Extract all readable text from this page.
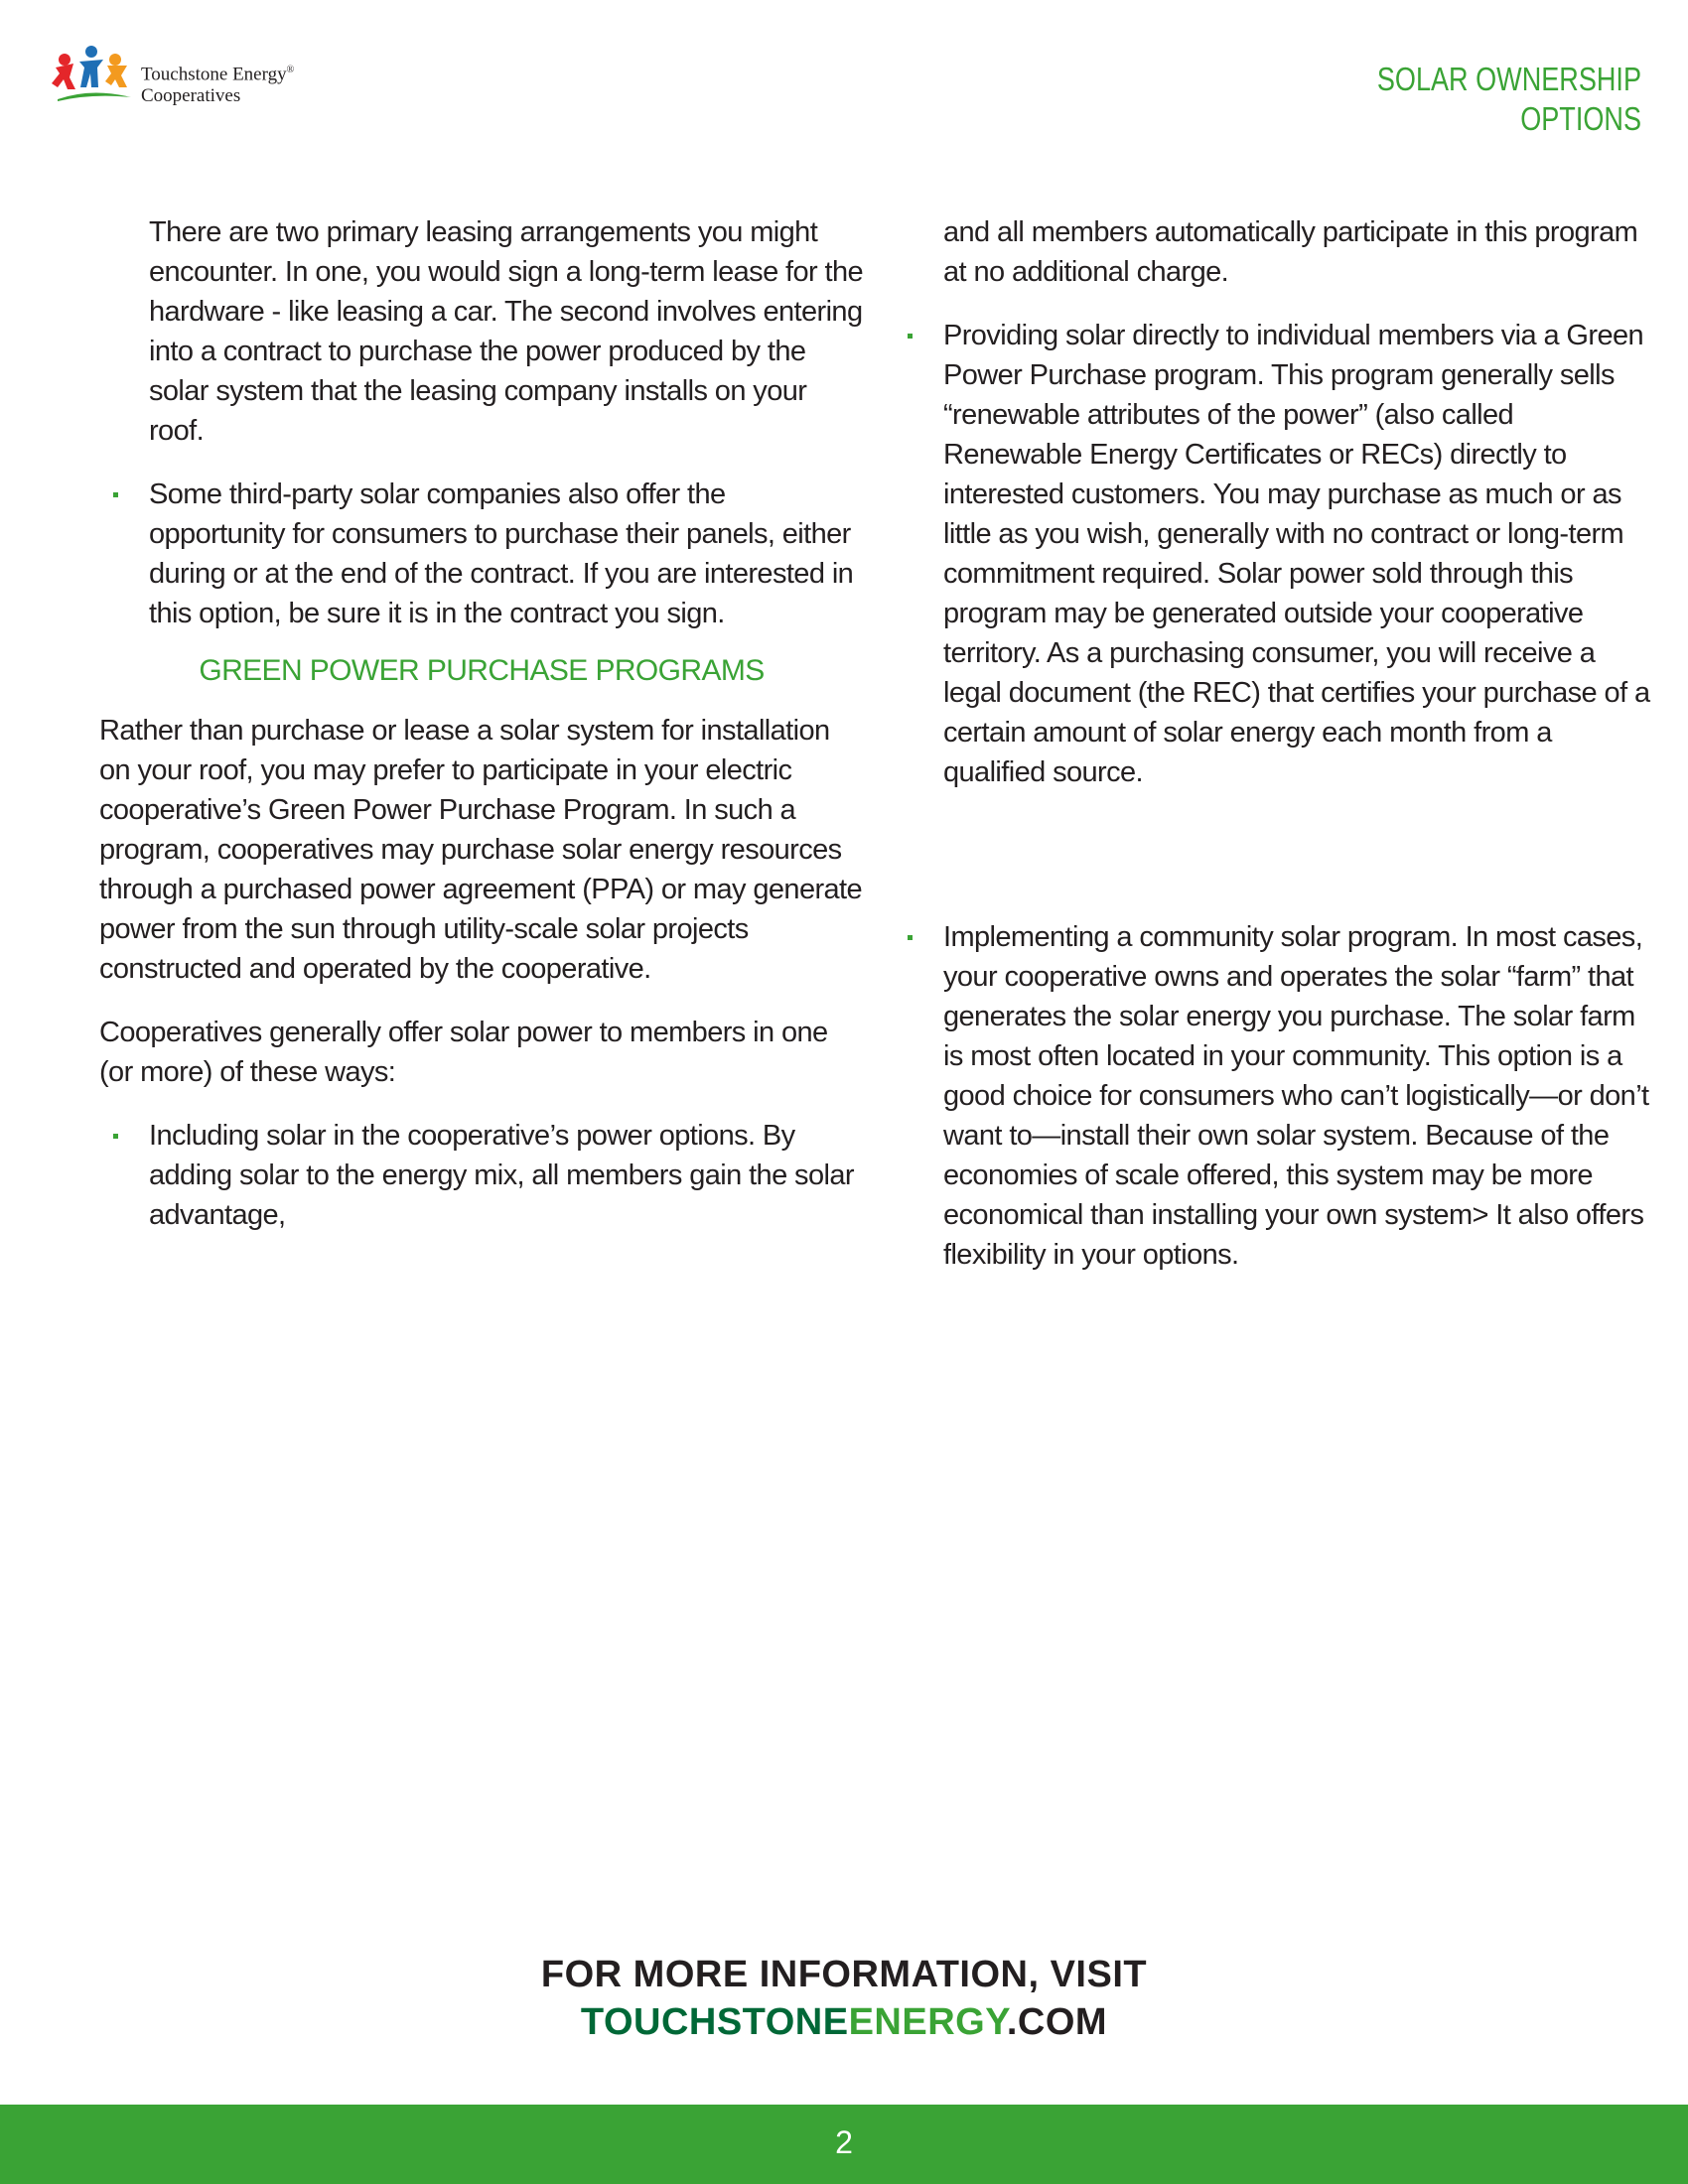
Touchstone Energy®
Cooperatives	SOLAR OWNERSHIP
OPTIONS

There are two primary leasing arrangements you might encounter. In one, you would sign a long-term lease for the hardware - like leasing a car. The second involves entering into a contract to purchase the power produced by the solar system that the leasing company installs on your roof.

Some third-party solar companies also offer the opportunity for consumers to purchase their panels, either during or at the end of the contract. If you are interested in this option, be sure it is in the contract you sign.
GREEN POWER PURCHASE PROGRAMS

Rather than purchase or lease a solar system for installation on your roof, you may prefer to participate in your electric cooperative’s Green Power Purchase Program. In such a program, cooperatives may purchase solar energy resources through a purchased power agreement (PPA) or may generate power from the sun through utility-scale solar projects constructed and operated by the cooperative.

Cooperatives generally offer solar power to members in one (or more) of these ways:

Including solar in the cooperative’s power options. By adding solar to the energy mix, all members gain the solar advantage,

and all members automatically participate in this program at no additional charge.

Providing solar directly to individual members via a Green Power Purchase program. This program generally sells “renewable attributes of the power” (also called Renewable Energy Certificates or RECs) directly to interested customers. You may purchase as much or as little as you wish, generally with no contract or long-term commitment required. Solar power sold through this program may be generated outside your cooperative territory. As a purchasing consumer, you will receive a legal document (the REC) that certifies your purchase of a certain amount of solar energy each month from a qualified source.
Implementing a community solar program. In most cases, your cooperative owns and operates the solar “farm” that generates the solar energy you purchase. The solar farm is most often located in your community. This option is a good choice for consumers who can’t logistically—or don’t want to—install their own solar system. Because of the economies of scale offered, this system may be more economical than installing your own system> It also offers flexibility in your options.
FOR MORE INFORMATION, VISIT
TOUCHSTONEENERGY.COM
2
